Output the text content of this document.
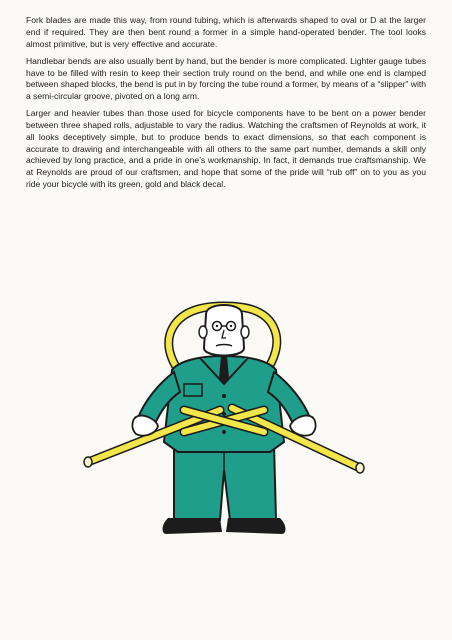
Fork blades are made this way, from round tubing, which is afterwards shaped to oval or D at the larger end if required. They are then bent round a former in a simple hand-operated bender. The tool looks almost primitive, but is very effective and accurate.

Handlebar bends are also usually bent by hand, but the bender is more complicated. Lighter gauge tubes have to be filled with resin to keep their section truly round on the bend, and while one end is clamped between shaped blocks, the bend is put in by forcing the tube round a former, by means of a “slipper” with a semi-circular groove, pivoted on a long arm.

Larger and heavier tubes than those used for bicycle components have to be bent on a power bender between three shaped rolls, adjustable to vary the radius. Watching the craftsmen of Reynolds at work, it all looks deceptively simple, but to produce bends to exact dimensions, so that each component is accurate to drawing and interchangeable with all others to the same part number, demands a skill only achieved by long practice, and a pride in one’s workmanship. In fact, it demands true craftsmanship. We at Reynolds are proud of our craftsmen, and hope that some of the pride will “rub off” on to you as you ride your bicycle with its green, gold and black decal.
